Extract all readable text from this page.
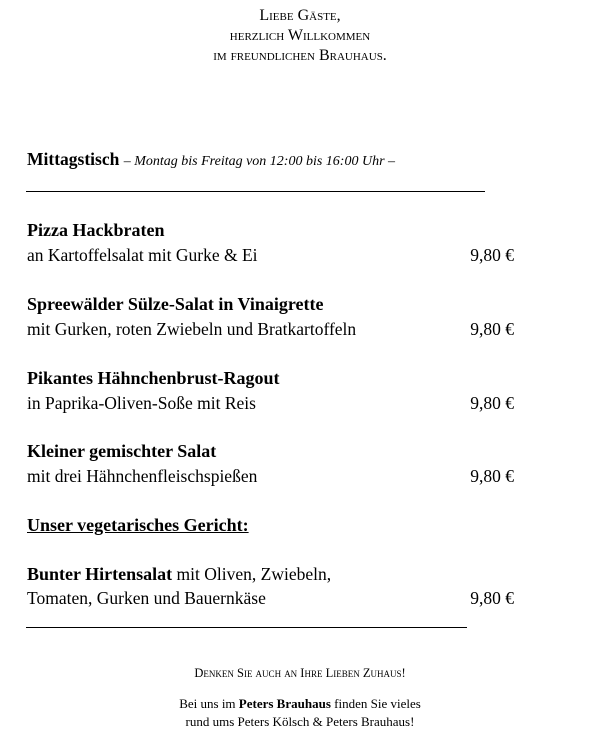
Liebe Gäste,
herzlich Willkommen
im freundlichen Brauhaus.
Mittagstisch – Montag bis Freitag von 12:00 bis 16:00 Uhr –
Pizza Hackbraten
an Kartoffelsalat mit Gurke & Ei	9,80 €
Spreewälder Sülze-Salat in Vinaigrette
mit Gurken, roten Zwiebeln und Bratkartoffeln	9,80 €
Pikantes Hähnchenbrust-Ragout
in Paprika-Oliven-Soße mit Reis	9,80 €
Kleiner gemischter Salat
mit drei Hähnchenfleischspießen	9,80 €
Unser vegetarisches Gericht:
Bunter Hirtensalat mit Oliven, Zwiebeln,
Tomaten, Gurken und Bauernkäse	9,80 €
Denken Sie auch an Ihre Lieben Zuhaus!
Bei uns im Peters Brauhaus finden Sie vieles
rund ums Peters Kölsch & Peters Brauhaus!
